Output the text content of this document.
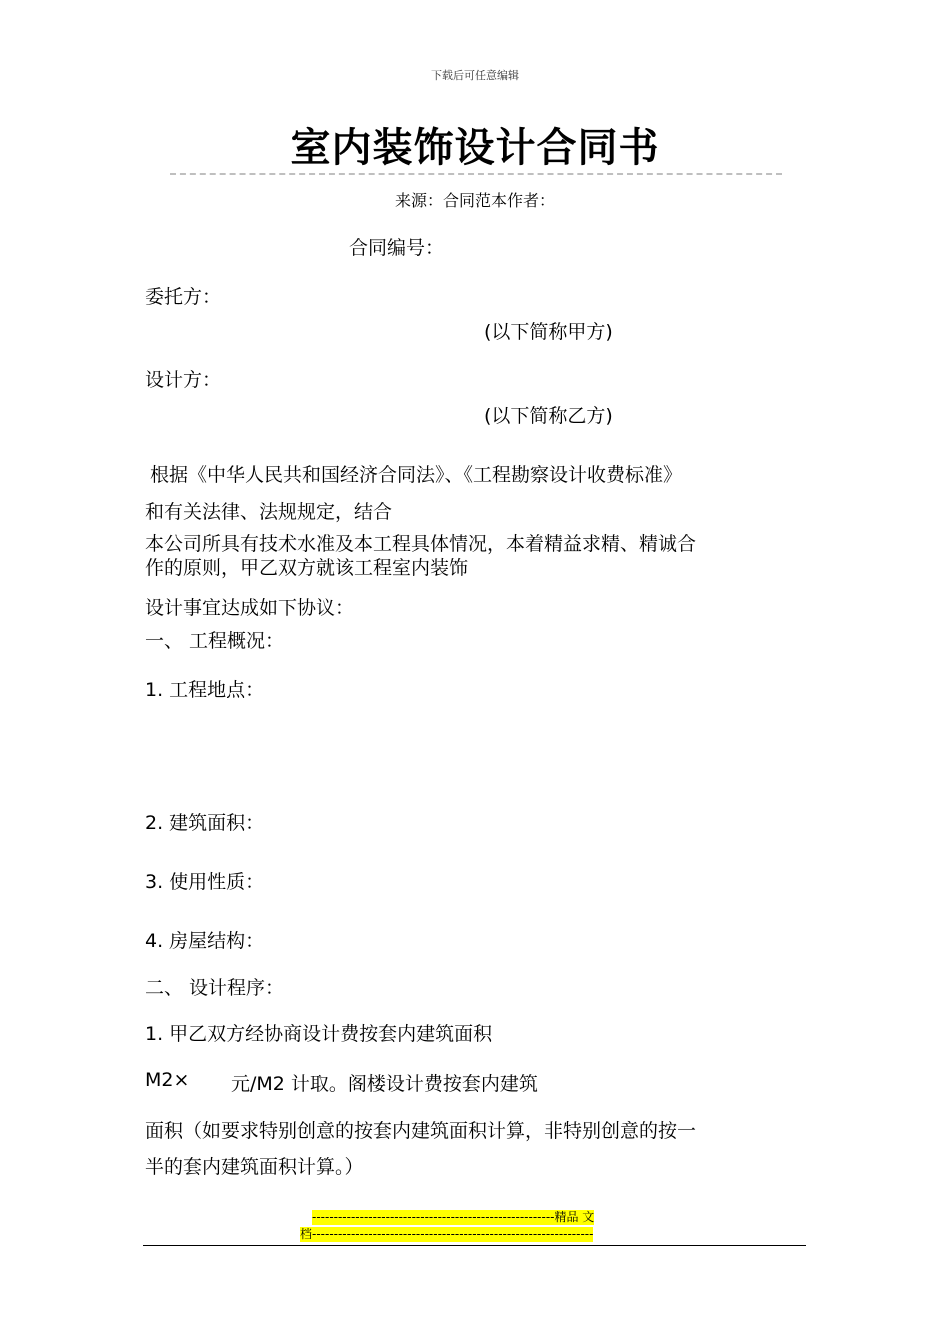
下载后可任意编辑
室内装饰设计合同书
来源：合同范本作者：
合同编号：
委托方：
(以下简称甲方)
设计方：
(以下简称乙方)
根据《中华人民共和国经济合同法》、《工程勘察设计收费标准》
和有关法律、法规规定，结合
本公司所具有技术水准及本工程具体情况，本着精益求精、精诚合
作的原则，甲乙双方就该工程室内装饰
设计事宜达成如下协议：
一、 工程概况：
1. 工程地点：
2. 建筑面积：
3. 使用性质：
4. 房屋结构：
二、 设计程序：
1. 甲乙双方经协商设计费按套内建筑面积
M2× 元/M2 计取。阁楼设计费按套内建筑
面积（如要求特别创意的按套内建筑面积计算，非特别创意的按一
半的套内建筑面积计算。）
--------------------------------------------------------精品 文
档-----------------------------------------------------------------
